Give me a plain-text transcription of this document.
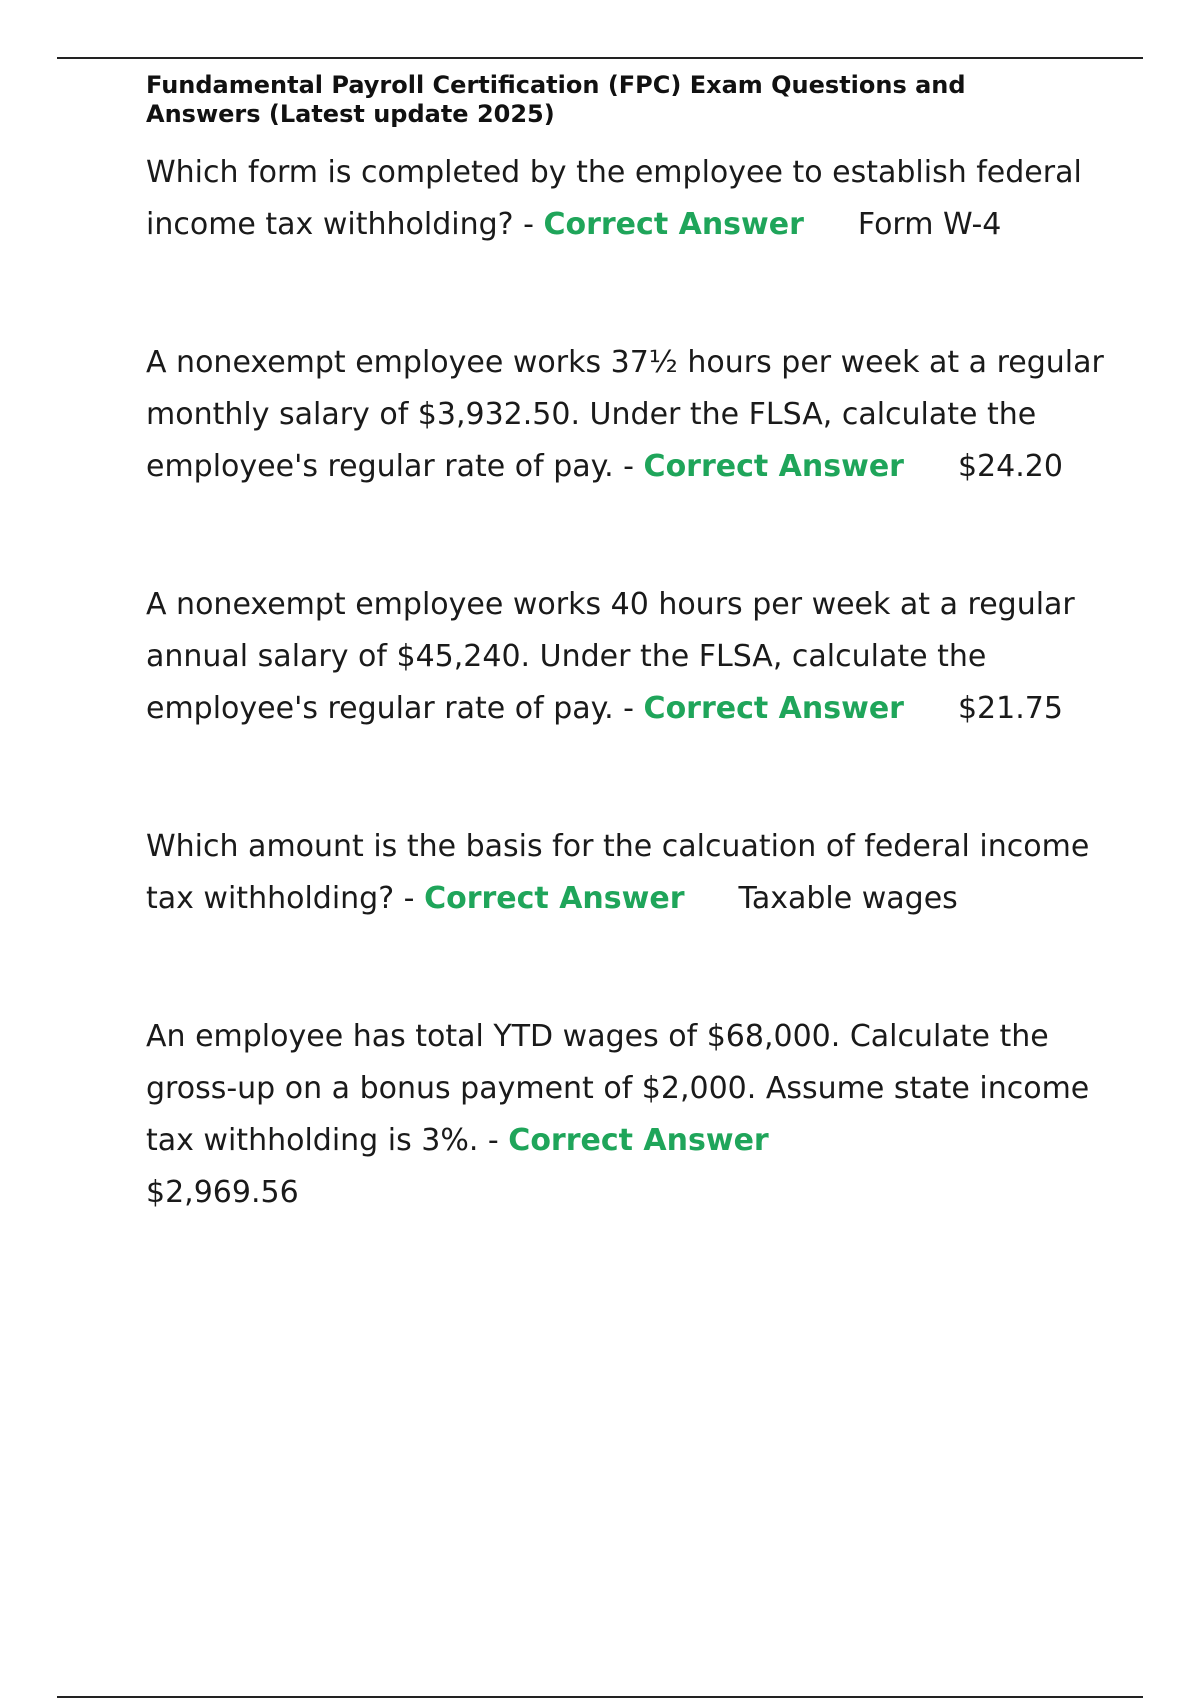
Fundamental Payroll Certification (FPC) Exam Questions and Answers (Latest update 2025)

Which form is completed by the employee to establish federal income tax withholding? - Correct Answer Form W-4

A nonexempt employee works 37½ hours per week at a regular monthly salary of $3,932.50. Under the FLSA, calculate the employee's regular rate of pay. - Correct Answer $24.20

A nonexempt employee works 40 hours per week at a regular annual salary of $45,240. Under the FLSA, calculate the employee's regular rate of pay. - Correct Answer $21.75

Which amount is the basis for the calcuation of federal income tax withholding? - Correct Answer Taxable wages

An employee has total YTD wages of $68,000. Calculate the gross-up on a bonus payment of $2,000. Assume state income tax withholding is 3%. - Correct Answer
$2,969.56
